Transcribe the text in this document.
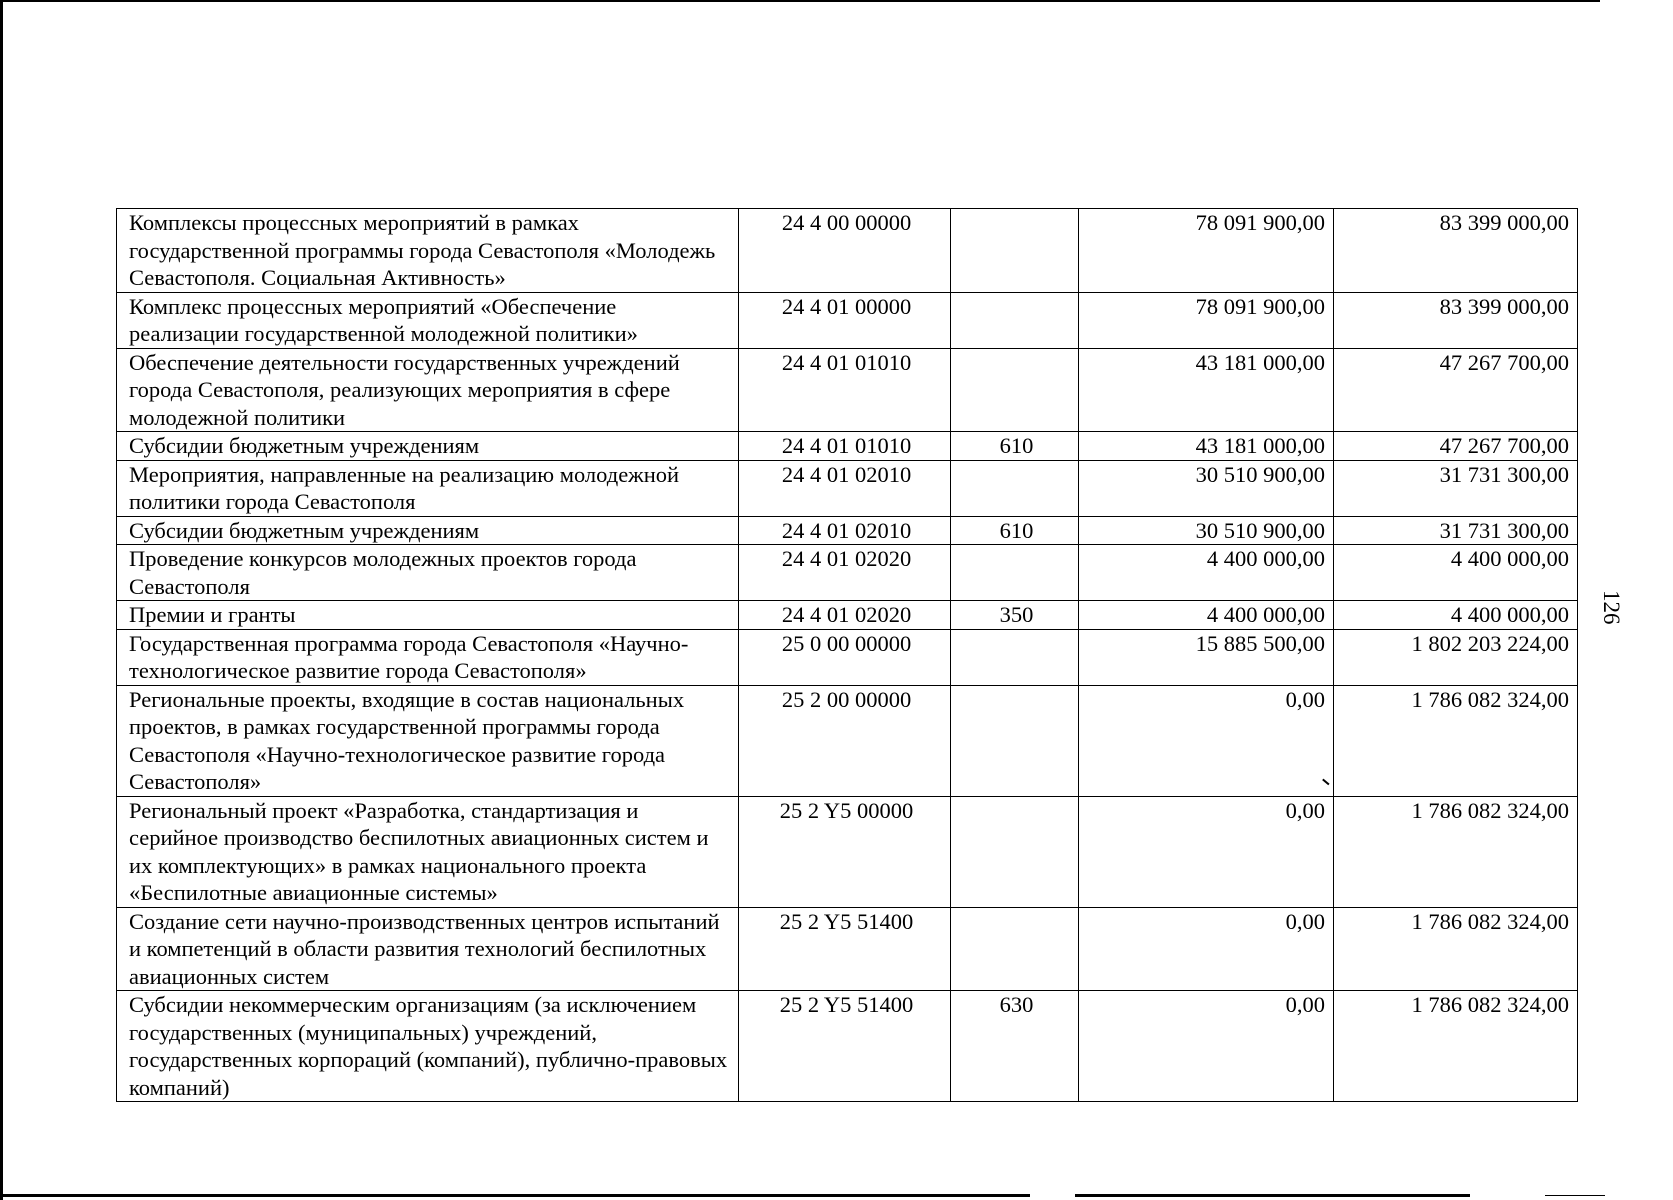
Комплексы процессных мероприятий в рамках государственной программы города Севастополя «Молодежь Севастополя. Социальная Активность»	24 4 00 00000		78 091 900,00	83 399 000,00
Комплекс процессных мероприятий «Обеспечение реализации государственной молодежной политики»	24 4 01 00000		78 091 900,00	83 399 000,00
Обеспечение деятельности государственных учреждений города Севастополя, реализующих мероприятия в сфере молодежной политики	24 4 01 01010		43 181 000,00	47 267 700,00
Субсидии бюджетным учреждениям	24 4 01 01010	610	43 181 000,00	47 267 700,00
Мероприятия, направленные на реализацию молодежной политики города Севастополя	24 4 01 02010		30 510 900,00	31 731 300,00
Субсидии бюджетным учреждениям	24 4 01 02010	610	30 510 900,00	31 731 300,00
Проведение конкурсов молодежных проектов города Севастополя	24 4 01 02020		4 400 000,00	4 400 000,00
Премии и гранты	24 4 01 02020	350	4 400 000,00	4 400 000,00
Государственная программа города Севастополя «Научно-технологическое развитие города Севастополя»	25 0 00 00000		15 885 500,00	1 802 203 224,00
Региональные проекты, входящие в состав национальных проектов, в рамках государственной программы города Севастополя «Научно-технологическое развитие города Севастополя»	25 2 00 00000		0,00	1 786 082 324,00
Региональный проект «Разработка, стандартизация и серийное производство беспилотных авиационных систем и их комплектующих» в рамках национального проекта «Беспилотные авиационные системы»	25 2 Y5 00000		0,00	1 786 082 324,00
Создание сети научно-производственных центров испытаний и компетенций в области развития технологий беспилотных авиационных систем	25 2 Y5 51400		0,00	1 786 082 324,00
Субсидии некоммерческим организациям (за исключением государственных (муниципальных) учреждений, государственных корпораций (компаний), публично-правовых компаний)	25 2 Y5 51400	630	0,00	1 786 082 324,00
126
